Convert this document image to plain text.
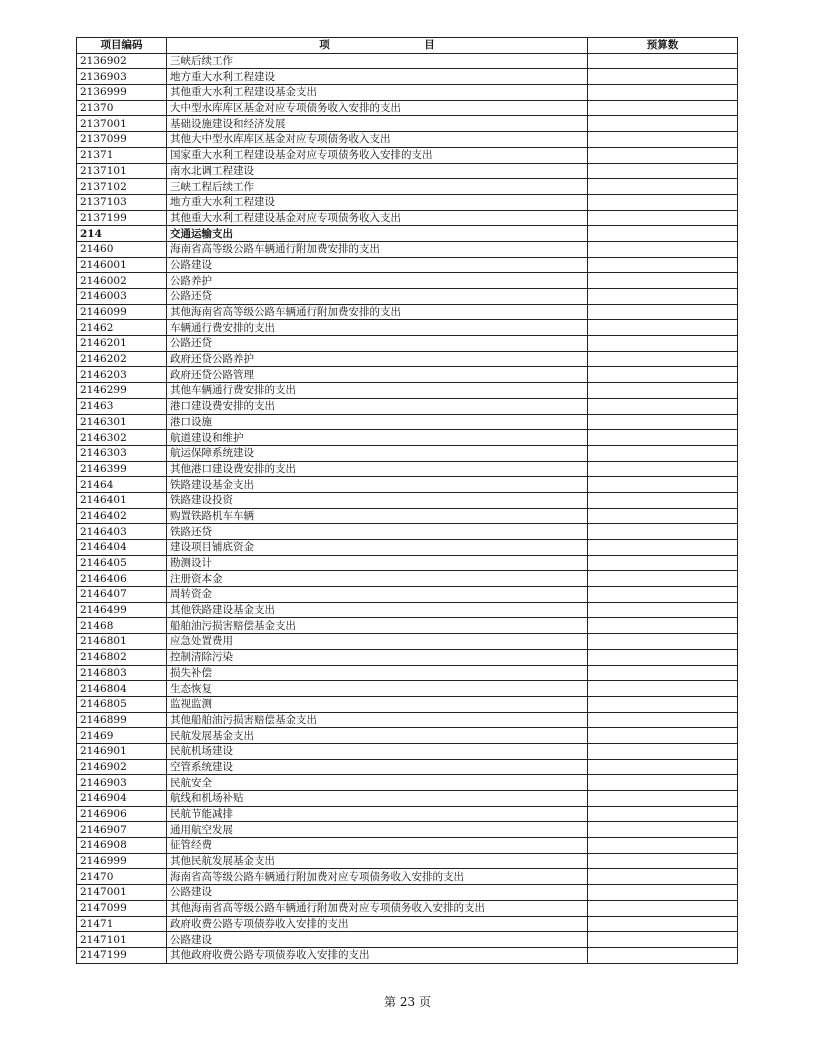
项目编码	项　　　　　　　　　目	预算数
2136902	三峡后续工作	
2136903	地方重大水利工程建设	
2136999	其他重大水利工程建设基金支出	
21370	大中型水库库区基金对应专项债务收入安排的支出	
2137001	基础设施建设和经济发展	
2137099	其他大中型水库库区基金对应专项债务收入支出	
21371	国家重大水利工程建设基金对应专项债务收入安排的支出	
2137101	南水北调工程建设	
2137102	三峡工程后续工作	
2137103	地方重大水利工程建设	
2137199	其他重大水利工程建设基金对应专项债务收入支出	
214	交通运输支出	
21460	海南省高等级公路车辆通行附加费安排的支出	
2146001	公路建设	
2146002	公路养护	
2146003	公路还贷	
2146099	其他海南省高等级公路车辆通行附加费安排的支出	
21462	车辆通行费安排的支出	
2146201	公路还贷	
2146202	政府还贷公路养护	
2146203	政府还贷公路管理	
2146299	其他车辆通行费安排的支出	
21463	港口建设费安排的支出	
2146301	港口设施	
2146302	航道建设和维护	
2146303	航运保障系统建设	
2146399	其他港口建设费安排的支出	
21464	铁路建设基金支出	
2146401	铁路建设投资	
2146402	购置铁路机车车辆	
2146403	铁路还贷	
2146404	建设项目铺底资金	
2146405	勘测设计	
2146406	注册资本金	
2146407	周转资金	
2146499	其他铁路建设基金支出	
21468	船舶油污损害赔偿基金支出	
2146801	应急处置费用	
2146802	控制清除污染	
2146803	损失补偿	
2146804	生态恢复	
2146805	监视监测	
2146899	其他船舶油污损害赔偿基金支出	
21469	民航发展基金支出	
2146901	民航机场建设	
2146902	空管系统建设	
2146903	民航安全	
2146904	航线和机场补贴	
2146906	民航节能减排	
2146907	通用航空发展	
2146908	征管经费	
2146999	其他民航发展基金支出	
21470	海南省高等级公路车辆通行附加费对应专项债务收入安排的支出	
2147001	公路建设	
2147099	其他海南省高等级公路车辆通行附加费对应专项债务收入安排的支出	
21471	政府收费公路专项债券收入安排的支出	
2147101	公路建设	
2147199	其他政府收费公路专项债券收入安排的支出	
第 23 页
